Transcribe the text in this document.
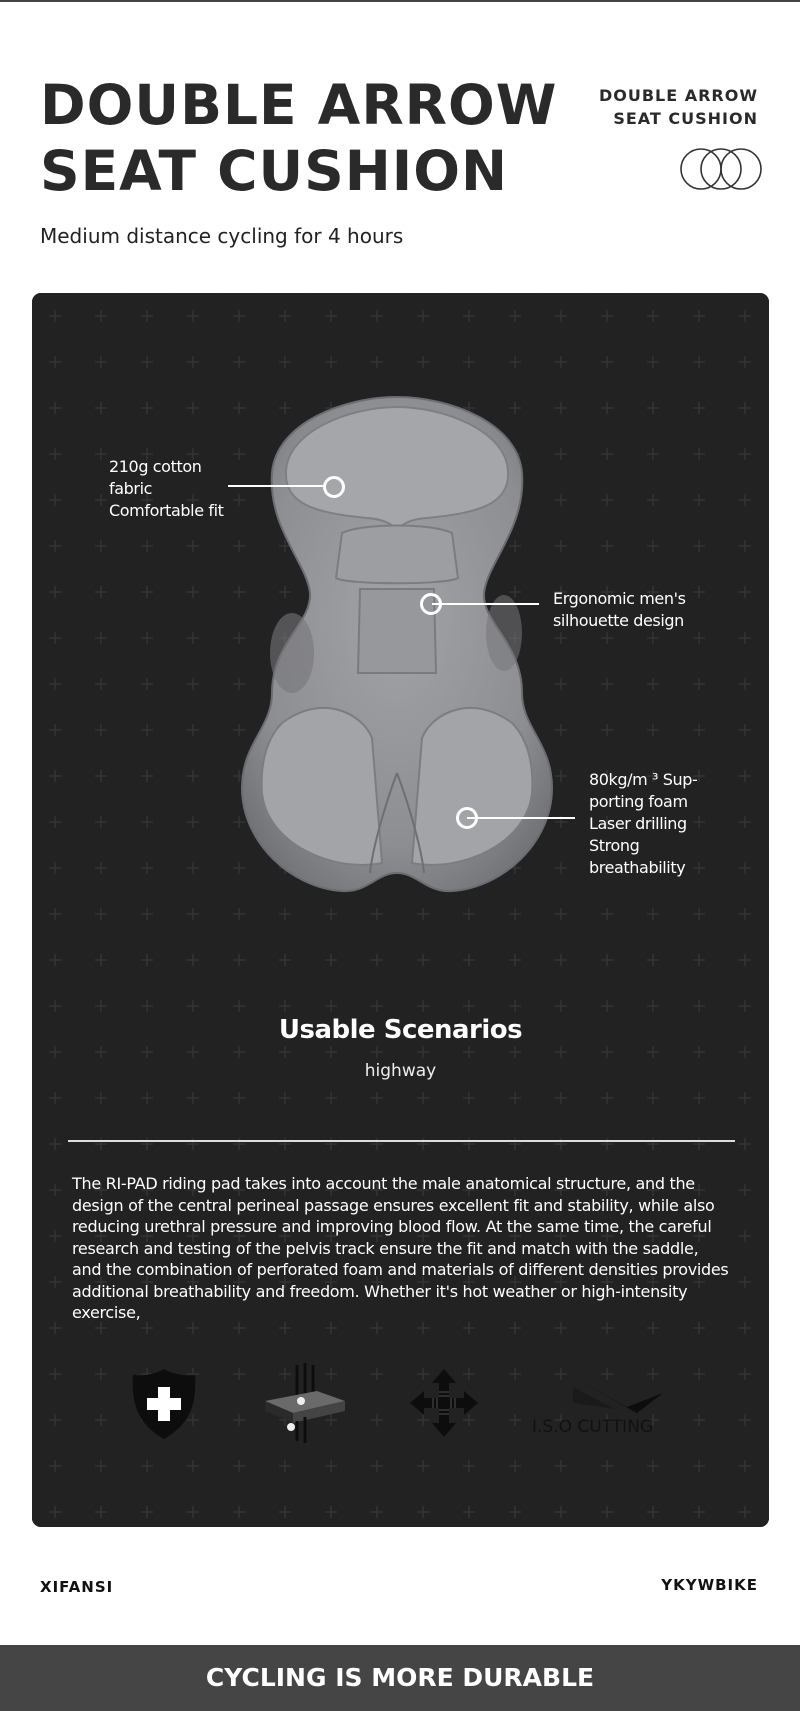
DOUBLE ARROW
SEAT CUSHION
DOUBLE ARROW
SEAT CUSHION
Medium distance cycling for 4 hours
210g cotton
fabric
Comfortable fit
Ergonomic men's
silhouette design
80kg/m ³ Sup-
porting foam
Laser drilling
Strong
breathability
Usable Scenarios
highway

The RI-PAD riding pad takes into account the male anatomical structure, and the design of the central perineal passage ensures excellent fit and stability, while also reducing urethral pressure and improving blood flow. At the same time, the careful research and testing of the pelvis track ensure the fit and match with the saddle, and the combination of perforated foam and materials of different densities provides additional breathability and freedom. Whether it's hot weather or high-intensity exercise,

I.S.O CUTTING
XIFANSI	YKYWBIKE
CYCLING IS MORE DURABLE
